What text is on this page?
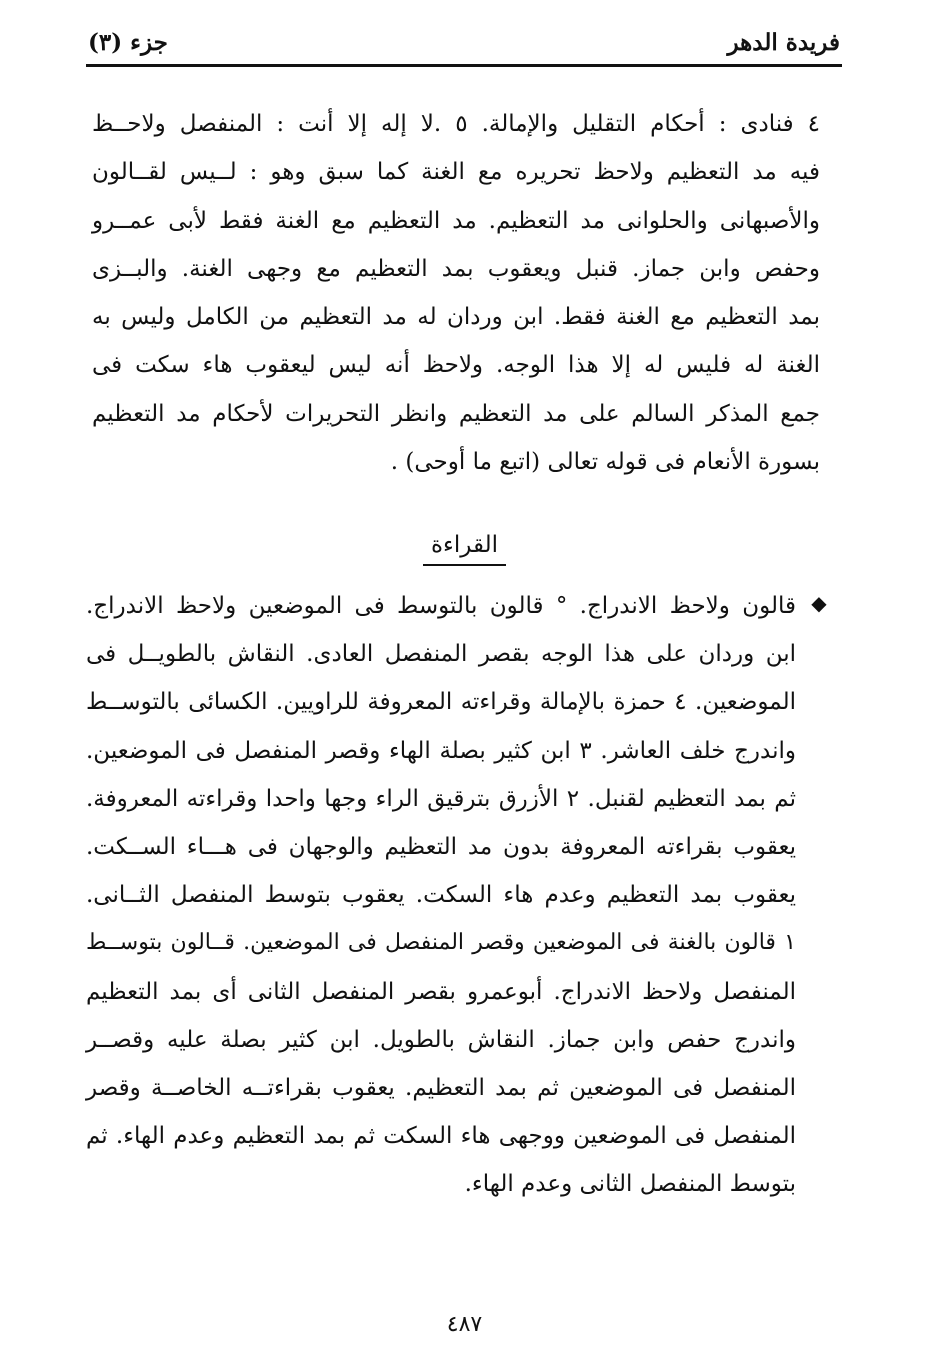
فريدة الدهر
جزء (٣)
٤ فنادى : أحكام التقليل والإمالة. ٥ .لا إله إلا أنت : المنفصل ولاحــظ
فيه مد التعظيم ولاحظ تحريره مع الغنة كما سبق وهو : لــيس لقــالون
والأصبهانى والحلوانى مد التعظيم. مد التعظيم مع الغنة فقط لأبى عمــرو
وحفص وابن جماز. قنبل ويعقوب بمد التعظيم مع وجهى الغنة. والبــزى
بمد التعظيم مع الغنة فقط. ابن وردان له مد التعظيم من الكامل وليس به
الغنة له فليس له إلا هذا الوجه. ولاحظ أنه ليس ليعقوب هاء سكت فى
جمع المذكر السالم على مد التعظيم وانظر التحريرات لأحكام مد التعظيم
بسورة الأنعام فى قوله تعالى (اتبع ما أوحى) .
القراءة
◆
قالون ولاحظ الاندراج. ° قالون بالتوسط فى الموضعين ولاحظ الاندراج.
ابن وردان على هذا الوجه بقصر المنفصل العادى. النقاش بالطويــل فى
الموضعين. ٤ حمزة بالإمالة وقراءته المعروفة للراويين. الكسائى بالتوســط
واندرج خلف العاشر. ٣ ابن كثير بصلة الهاء وقصر المنفصل فى الموضعين.
ثم بمد التعظيم لقنبل. ٢ الأزرق بترقيق الراء وجها واحدا وقراءته المعروفة.
يعقوب بقراءته المعروفة بدون مد التعظيم والوجهان فى هـــاء الســكت.
يعقوب بمد التعظيم وعدم هاء السكت. يعقوب بتوسط المنفصل الثــانى.
١ قالون بالغنة فى الموضعين وقصر المنفصل فى الموضعين. قــالون بتوســط
المنفصل ولاحظ الاندراج. أبوعمرو بقصر المنفصل الثانى أى بمد التعظيم
واندرج حفص وابن جماز. النقاش بالطويل. ابن كثير بصلة عليه وقصــر
المنفصل فى الموضعين ثم بمد التعظيم. يعقوب بقراءتــه الخاصــة وقصر
المنفصل فى الموضعين ووجهى هاء السكت ثم بمد التعظيم وعدم الهاء. ثم
بتوسط المنفصل الثانى وعدم الهاء.
٤٨٧
